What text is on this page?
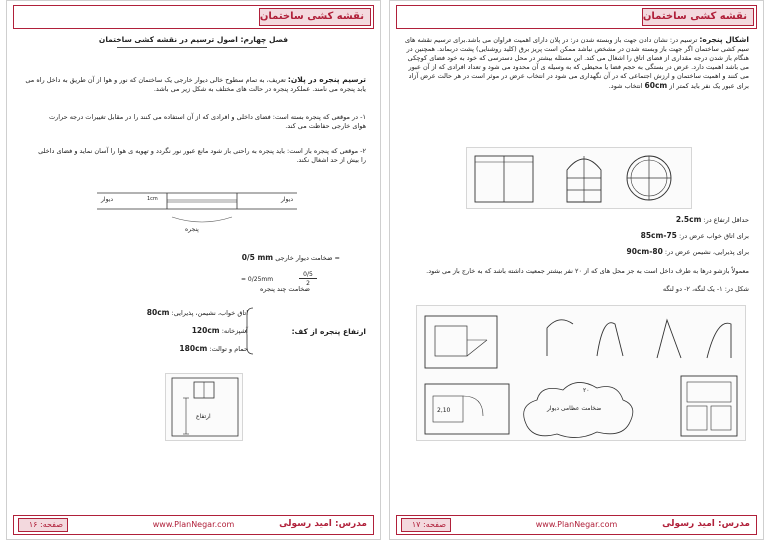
نقشه کشی ساختمان
فصل چهارم: اصول ترسیم در نقشه کشی ساختمان
ترسیم پنجره در پلان: تعریف، به تمام سطوح خالی دیوار خارجی یک ساختمان که نور و هوا از آن طریق به داخل راه می یابد پنجره می نامند. عملکرد پنجره در حالت های مختلف به شکل زیر می باشد.
۱- در موقعی که پنجره بسته است: فضای داخلی و افرادی که از آن استفاده می کنند را در مقابل تغییرات درجه حرارت هوای خارجی حفاظت می کند.
۲- موقعی که پنجره باز است: باید پنجره به راحتی باز شود مانع عبور نور نگردد و تهویه ی هوا را آسان نماید و فضای داخلی را بیش از حد اشغال نکند.
دیوار	دیوار
1cm
پنجره
= ضخامت دیوار خارجی 0/5 mm
0/5
2
= 0/25mm
ضخامت چند پنجره
ارتفاع پنجره از کف:
اتاق خواب، نشیمن، پذیرایی: 80cm
آشپزخانه: 120cm
حمام و توالت: 180cm
ارتفاع
مدرس: امید رسولی
www.PlanNegar.com
صفحه: ۱۶
نقشه کشی ساختمان
اشکال پنجره: ترسیم در: نشان دادن جهت باز وبسته شدن در: در پلان دارای اهمیت فراوان می باشد.برای ترسیم نقشه های سیم کشی ساختمان اگر جهت باز وبسته شدن در مشخص نباشد ممکن است پریز برق (کلید روشنایی) پشت دربماند. همچنین در هنگام باز شدن درجه مقداری از فضای اتاق را اشغال می کند. این مسئله بیشتر در محل دسترسی که خود به خود فضای کوچکی می باشد اهمیت دارد. عرض در بستگی به حجم فضا یا محیطی که به وسیله ی آن محدود می شود و تعداد افرادی که از آن عبور می کنند و اهمیت ساختمان و ارزش اجتماعی که در آن نگهداری می شود در انتخاب عرض در موثر است در هر حالت عرض آزاد برای عبور یک نفر باید کمتر از 60cm انتخاب شود.
حداقل ارتفاع در: 2.5cm
برای اتاق خواب عرض در: 75-85cm
برای پذیرایی، نشیمن عرض در: 80-90cm
معمولاً بازشو درها به طرف داخل است به جز محل های که از ۲۰ نفر بیشتر جمعیت داشته باشد که به خارج باز می شود.
شکل در: ۱- یک لنگه، ۲- دو لنگه
ضخامت عظامی دیوار
2,10
۲۰
مدرس: امید رسولی
www.PlanNegar.com
صفحه: ۱۷
